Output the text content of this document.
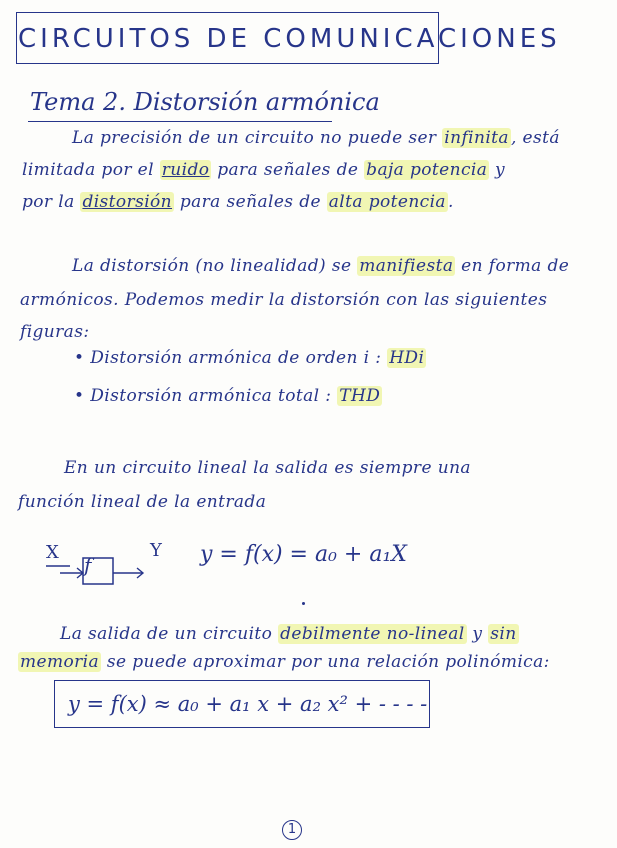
CIRCUITOS DE COMUNICACIONES
Tema 2. Distorsión armónica
La precisión de un circuito no puede ser infinita , está
limitada por el ruido para señales de baja potencia y
por la distorsión para señales de alta potencia .
La distorsión (no linealidad) se manifiesta en forma de
armónicos. Podemos medir la distorsión con las siguientes
figuras:
• Distorsión armónica de orden i : HDi
• Distorsión armónica total : THD
En un circuito lineal la salida es siempre una
función lineal de la entrada
X
f
Y y = f(x) = a₀ + a₁X
La salida de un circuito debilmente no-lineal y sin
memoria se puede aproximar por una relación polinómica:
y = f(x) ≈ a₀ + a₁ x + a₂ x² + - - - -
1
